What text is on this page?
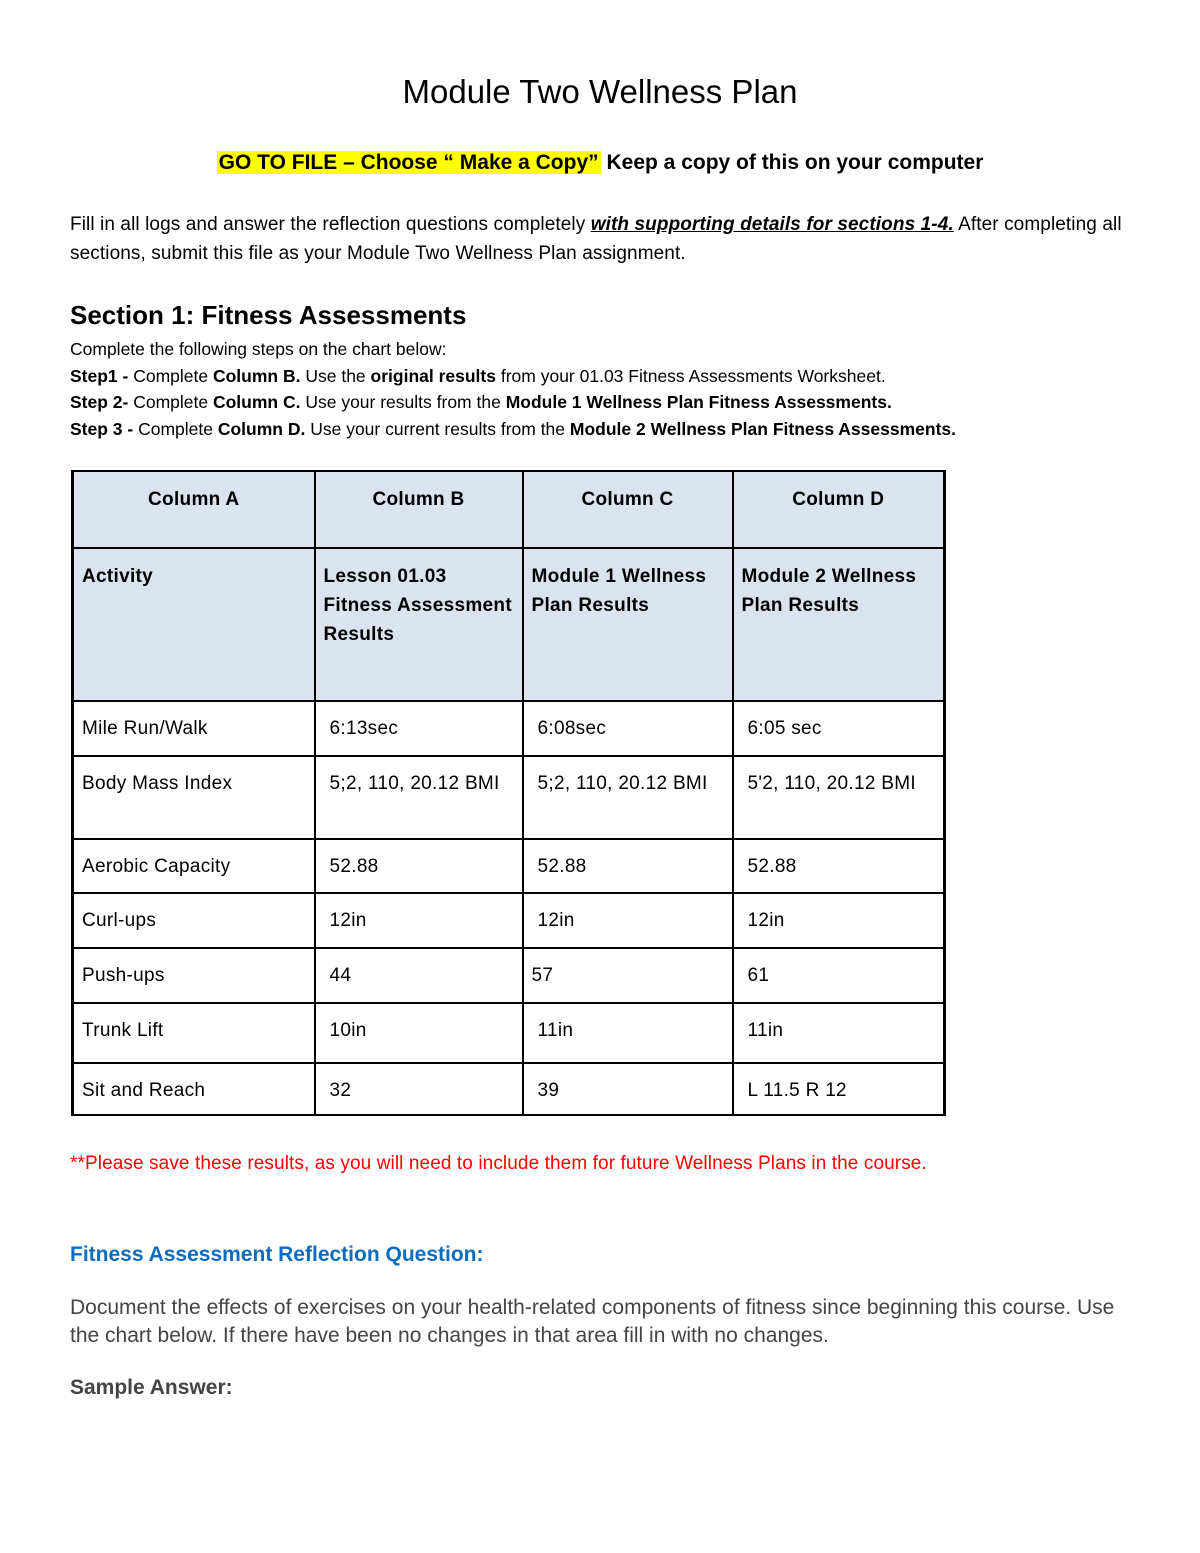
Module Two Wellness Plan
GO TO FILE – Choose “ Make a Copy” Keep a copy of this on your computer
Fill in all logs and answer the reflection questions completely with supporting details for sections 1-4. After completing all sections, submit this file as your Module Two Wellness Plan assignment.
Section 1: Fitness Assessments

Complete the following steps on the chart below:

Step1 - Complete Column B. Use the original results from your 01.03 Fitness Assessments Worksheet.

Step 2- Complete Column C. Use your results from the Module 1 Wellness Plan Fitness Assessments.

Step 3 - Complete Column D. Use your current results from the Module 2 Wellness Plan Fitness Assessments.

Column A	Column B	Column C	Column D
Activity	Lesson 01.03 Fitness Assessment Results	Module 1 Wellness Plan Results	Module 2 Wellness Plan Results
Mile Run/Walk	6:13sec	6:08sec	6:05 sec
Body Mass Index	5;2, 110, 20.12 BMI	5;2, 110, 20.12 BMI	5'2, 110, 20.12 BMI
Aerobic Capacity	52.88	52.88	52.88
Curl-ups	12in	12in	12in
Push-ups	44	57	61
Trunk Lift	10in	11in	11in
Sit and Reach	32	39	L 11.5 R 12
**Please save these results, as you will need to include them for future Wellness Plans in the course.
Fitness Assessment Reflection Question:
Document the effects of exercises on your health-related components of fitness since beginning this course. Use the chart below. If there have been no changes in that area fill in with no changes.
Sample Answer:
